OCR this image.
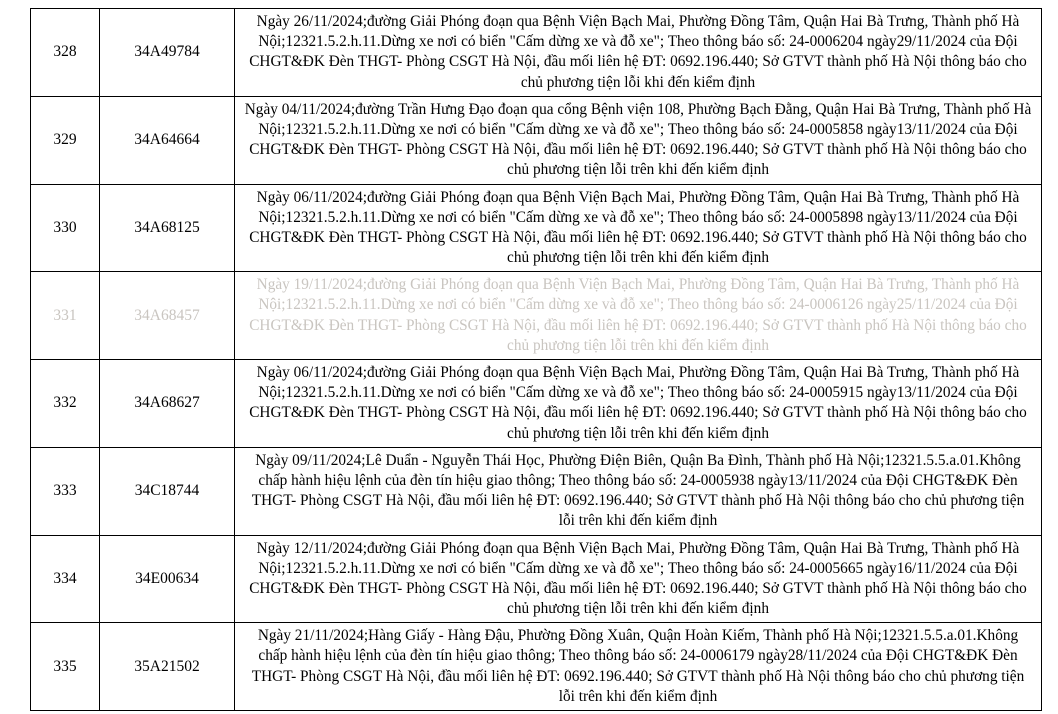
328	34A49784	Ngày 26/11/2024;đường Giải Phóng đoạn qua Bệnh Viện Bạch Mai, Phường Đồng Tâm, Quận Hai Bà Trưng, Thành phố Hà Nội;12321.5.2.h.11.Dừng xe nơi có biển "Cấm dừng xe và đỗ xe"; Theo thông báo số: 24-0006204 ngày29/11/2024 của Đội CHGT&ĐK Đèn THGT- Phòng CSGT Hà Nội, đầu mối liên hệ ĐT: 0692.196.440; Sở GTVT thành phố Hà Nội thông báo cho chủ phương tiện lỗi khi đến kiểm định

329	34A64664	Ngày 04/11/2024;đường Trần Hưng Đạo đoạn qua cổng Bệnh viện 108, Phường Bạch Đằng, Quận Hai Bà Trưng, Thành phố Hà Nội;12321.5.2.h.11.Dừng xe nơi có biển "Cấm dừng xe và đỗ xe"; Theo thông báo số: 24-0005858 ngày13/11/2024 của Đội CHGT&ĐK Đèn THGT- Phòng CSGT Hà Nội, đầu mối liên hệ ĐT: 0692.196.440; Sở GTVT thành phố Hà Nội thông báo cho chủ phương tiện lỗi trên khi đến kiểm định

330	34A68125	Ngày 06/11/2024;đường Giải Phóng đoạn qua Bệnh Viện Bạch Mai, Phường Đồng Tâm, Quận Hai Bà Trưng, Thành phố Hà Nội;12321.5.2.h.11.Dừng xe nơi có biển "Cấm dừng xe và đỗ xe"; Theo thông báo số: 24-0005898 ngày13/11/2024 của Đội CHGT&ĐK Đèn THGT- Phòng CSGT Hà Nội, đầu mối liên hệ ĐT: 0692.196.440; Sở GTVT thành phố Hà Nội thông báo cho chủ phương tiện lỗi trên khi đến kiểm định

331	34A68457	Ngày 19/11/2024;đường Giải Phóng đoạn qua Bệnh Viện Bạch Mai, Phường Đồng Tâm, Quận Hai Bà Trưng, Thành phố Hà Nội;12321.5.2.h.11.Dừng xe nơi có biển "Cấm dừng xe và đỗ xe"; Theo thông báo số: 24-0006126 ngày25/11/2024 của Đội CHGT&ĐK Đèn THGT- Phòng CSGT Hà Nội, đầu mối liên hệ ĐT: 0692.196.440; Sở GTVT thành phố Hà Nội thông báo cho chủ phương tiện lỗi trên khi đến kiểm định

332	34A68627	Ngày 06/11/2024;đường Giải Phóng đoạn qua Bệnh Viện Bạch Mai, Phường Đồng Tâm, Quận Hai Bà Trưng, Thành phố Hà Nội;12321.5.2.h.11.Dừng xe nơi có biển "Cấm dừng xe và đỗ xe"; Theo thông báo số: 24-0005915 ngày13/11/2024 của Đội CHGT&ĐK Đèn THGT- Phòng CSGT Hà Nội, đầu mối liên hệ ĐT: 0692.196.440; Sở GTVT thành phố Hà Nội thông báo cho chủ phương tiện lỗi trên khi đến kiểm định

333	34C18744	Ngày 09/11/2024;Lê Duẩn - Nguyễn Thái Học, Phường Điện Biên, Quận Ba Đình, Thành phố Hà Nội;12321.5.5.a.01.Không chấp hành hiệu lệnh của đèn tín hiệu giao thông; Theo thông báo số: 24-0005938 ngày13/11/2024 của Đội CHGT&ĐK Đèn THGT- Phòng CSGT Hà Nội, đầu mối liên hệ ĐT: 0692.196.440; Sở GTVT thành phố Hà Nội thông báo cho chủ phương tiện lỗi trên khi đến kiểm định

334	34E00634	Ngày 12/11/2024;đường Giải Phóng đoạn qua Bệnh Viện Bạch Mai, Phường Đồng Tâm, Quận Hai Bà Trưng, Thành phố Hà Nội;12321.5.2.h.11.Dừng xe nơi có biển "Cấm dừng xe và đỗ xe"; Theo thông báo số: 24-0005665 ngày16/11/2024 của Đội CHGT&ĐK Đèn THGT- Phòng CSGT Hà Nội, đầu mối liên hệ ĐT: 0692.196.440; Sở GTVT thành phố Hà Nội thông báo cho chủ phương tiện lỗi trên khi đến kiểm định

335	35A21502	Ngày 21/11/2024;Hàng Giấy - Hàng Đậu, Phường Đồng Xuân, Quận Hoàn Kiếm, Thành phố Hà Nội;12321.5.5.a.01.Không chấp hành hiệu lệnh của đèn tín hiệu giao thông; Theo thông báo số: 24-0006179 ngày28/11/2024 của Đội CHGT&ĐK Đèn THGT- Phòng CSGT Hà Nội, đầu mối liên hệ ĐT: 0692.196.440; Sở GTVT thành phố Hà Nội thông báo cho chủ phương tiện lỗi trên khi đến kiểm định
